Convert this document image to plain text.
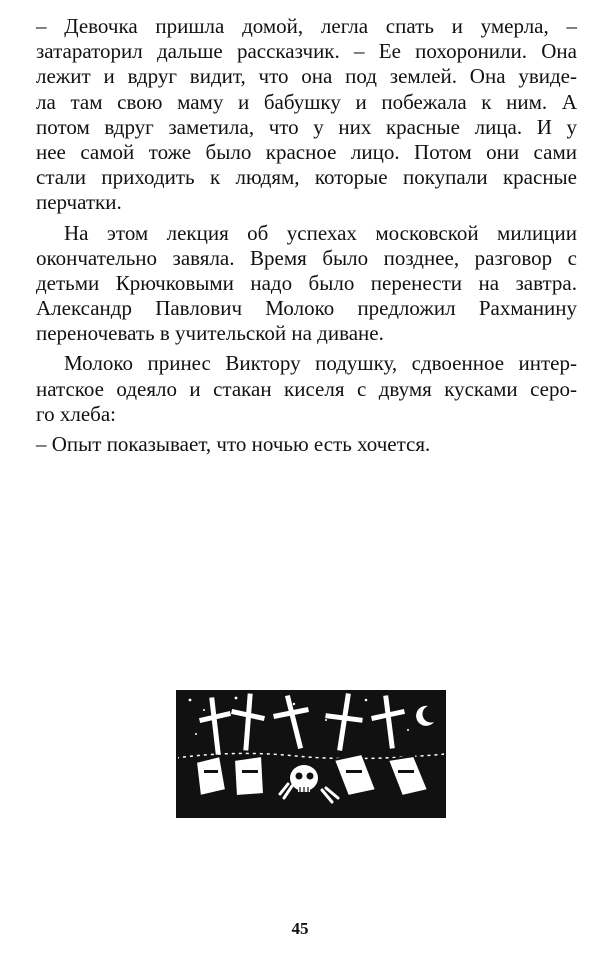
– Девочка пришла домой, легла спать и умерла, –
затараторил дальше рассказчик. – Ее похоронили. Она
лежит и вдруг видит, что она под землей. Она увиде-
ла там свою маму и бабушку и побежала к ним. А
потом вдруг заметила, что у них красные лица. И у
нее самой тоже было красное лицо. Потом они сами
стали приходить к людям, которые покупали красные
перчатки.
На этом лекция об успехах московской милиции
окончательно завяла. Время было позднее, разговор с
детьми Крючковыми надо было перенести на завтра.
Александр Павлович Молоко предложил Рахманину
переночевать в учительской на диване.
Молоко принес Виктору подушку, сдвоенное интер-
натское одеяло и стакан киселя с двумя кусками серо-
го хлеба:
– Опыт показывает, что ночью есть хочется.
45
